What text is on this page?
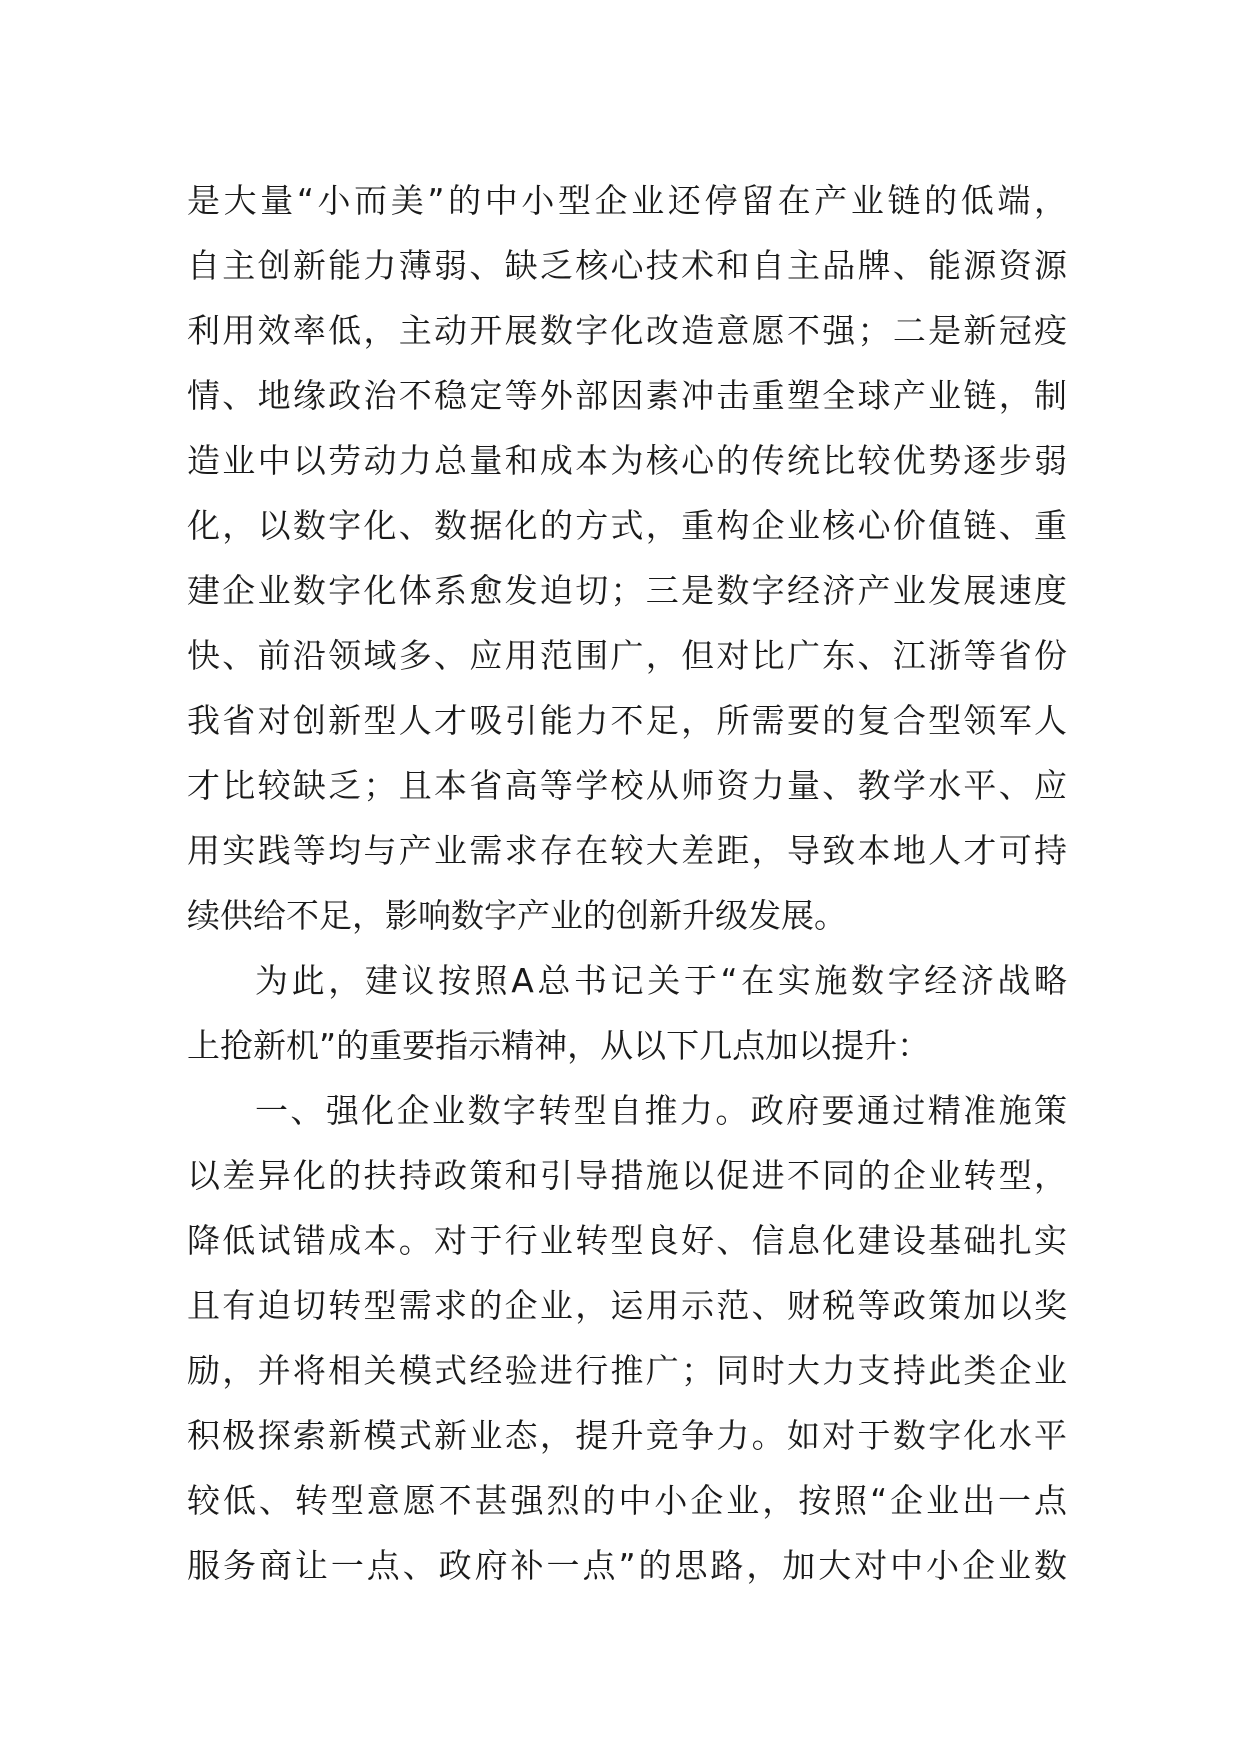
是大量“小而美”的中小型企业还停留在产业链的低端，
自主创新能力薄弱、缺乏核心技术和自主品牌、能源资源
利用效率低，主动开展数字化改造意愿不强；二是新冠疫
情、地缘政治不稳定等外部因素冲击重塑全球产业链，制
造业中以劳动力总量和成本为核心的传统比较优势逐步弱
化，以数字化、数据化的方式，重构企业核心价值链、重
建企业数字化体系愈发迫切；三是数字经济产业发展速度
快、前沿领域多、应用范围广，但对比广东、江浙等省份
我省对创新型人才吸引能力不足，所需要的复合型领军人
才比较缺乏；且本省高等学校从师资力量、教学水平、应
用实践等均与产业需求存在较大差距，导致本地人才可持
续供给不足，影响数字产业的创新升级发展。
为此，建议按照A总书记关于“在实施数字经济战略
上抢新机”的重要指示精神，从以下几点加以提升：
一、强化企业数字转型自推力。政府要通过精准施策
以差异化的扶持政策和引导措施以促进不同的企业转型，
降低试错成本。对于行业转型良好、信息化建设基础扎实
且有迫切转型需求的企业，运用示范、财税等政策加以奖
励，并将相关模式经验进行推广；同时大力支持此类企业
积极探索新模式新业态，提升竞争力。如对于数字化水平
较低、转型意愿不甚强烈的中小企业，按照“企业出一点
服务商让一点、政府补一点”的思路，加大对中小企业数
